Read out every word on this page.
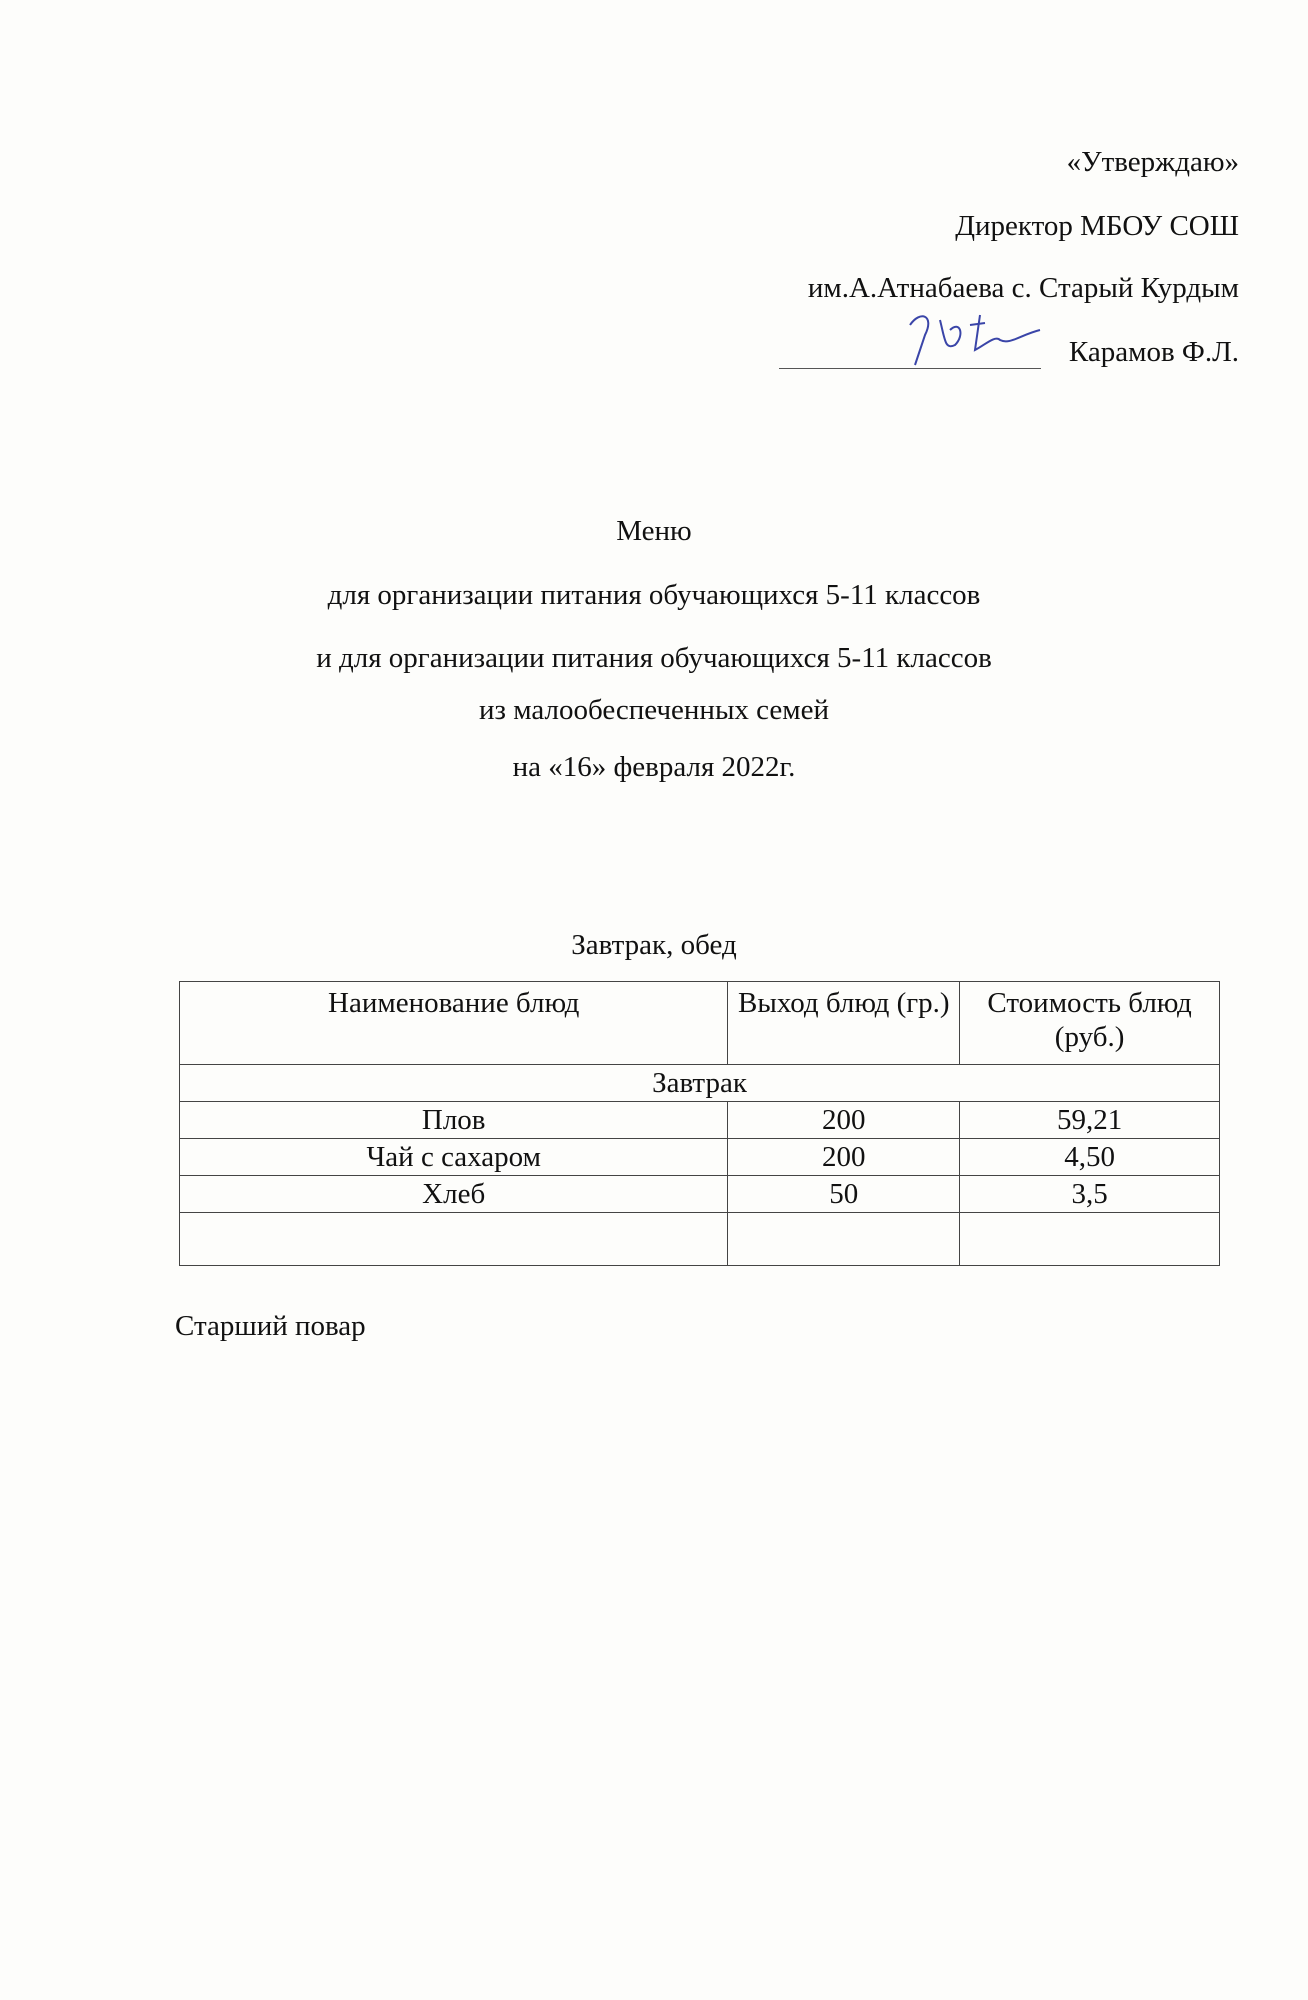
«Утверждаю»
Директор МБОУ СОШ
им.А.Атнабаева с. Старый Курдым
Карамов Ф.Л.
Меню
для организации питания обучающихся 5-11 классов
и для организации питания обучающихся 5-11 классов
из малообеспеченных семей
на «16» февраля 2022г.
Завтрак, обед
Наименование блюд	Выход блюд (гр.)	Стоимость блюд (руб.)
Завтрак		
Плов	200	59,21
Чай с сахаром	200	4,50
Хлеб	50	3,5

Старший повар
